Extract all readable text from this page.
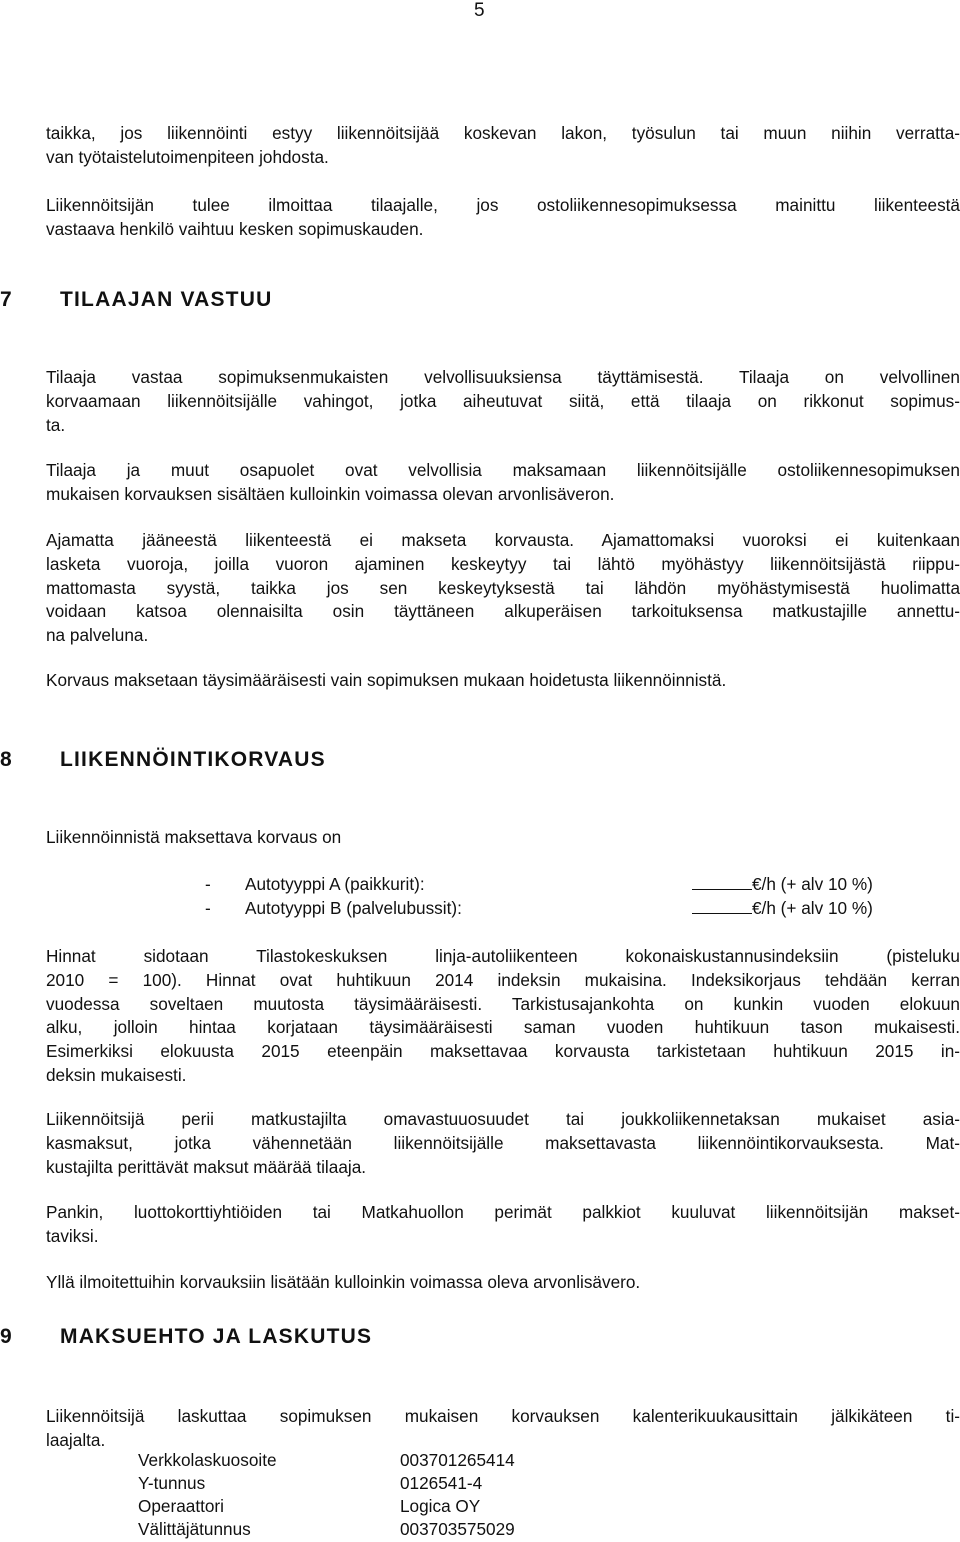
5
taikka, jos liikennöinti estyy liikennöitsijää koskevan lakon, työsulun tai muun niihin verratta-
van työtaistelutoimenpiteen johdosta.
Liikennöitsijän tulee ilmoittaa tilaajalle, jos ostoliikennesopimuksessa mainittu liikenteestä
vastaava henkilö vaihtuu kesken sopimuskauden.
7 TILAAJAN VASTUU
Tilaaja vastaa sopimuksenmukaisten velvollisuuksiensa täyttämisestä. Tilaaja on velvollinen
korvaamaan liikennöitsijälle vahingot, jotka aiheutuvat siitä, että tilaaja on rikkonut sopimus-
ta.
Tilaaja ja muut osapuolet ovat velvollisia maksamaan liikennöitsijälle ostoliikennesopimuksen
mukaisen korvauksen sisältäen kulloinkin voimassa olevan arvonlisäveron.
Ajamatta jääneestä liikenteestä ei makseta korvausta. Ajamattomaksi vuoroksi ei kuitenkaan
lasketa vuoroja, joilla vuoron ajaminen keskeytyy tai lähtö myöhästyy liikennöitsijästä riippu-
mattomasta syystä, taikka jos sen keskeytyksestä tai lähdön myöhästymisestä huolimatta
voidaan katsoa olennaisilta osin täyttäneen alkuperäisen tarkoituksensa matkustajille annettu-
na palveluna.
Korvaus maksetaan täysimääräisesti vain sopimuksen mukaan hoidetusta liikennöinnistä.
8 LIIKENNÖINTIKORVAUS
Liikennöinnistä maksettava korvaus on
- Autotyyppi A (paikkurit):	€/h (+ alv 10 %)
- Autotyyppi B (palvelubussit):	€/h (+ alv 10 %)
Hinnat sidotaan Tilastokeskuksen linja-autoliikenteen kokonaiskustannusindeksiin (pisteluku
2010 = 100). Hinnat ovat huhtikuun 2014 indeksin mukaisina. Indeksikorjaus tehdään kerran
vuodessa soveltaen muutosta täysimääräisesti. Tarkistusajankohta on kunkin vuoden elokuun
alku, jolloin hintaa korjataan täysimääräisesti saman vuoden huhtikuun tason mukaisesti.
Esimerkiksi elokuusta 2015 eteenpäin maksettavaa korvausta tarkistetaan huhtikuun 2015 in-
deksin mukaisesti.
Liikennöitsijä perii matkustajilta omavastuuosuudet tai joukkoliikennetaksan mukaiset asia-
kasmaksut, jotka vähennetään liikennöitsijälle maksettavasta liikennöintikorvauksesta. Mat-
kustajilta perittävät maksut määrää tilaaja.
Pankin, luottokorttiyhtiöiden tai Matkahuollon perimät palkkiot kuuluvat liikennöitsijän makset-
taviksi.
Yllä ilmoitettuihin korvauksiin lisätään kulloinkin voimassa oleva arvonlisävero.
9 MAKSUEHTO JA LASKUTUS
Liikennöitsijä laskuttaa sopimuksen mukaisen korvauksen kalenterikuukausittain jälkikäteen ti-
laajalta.
Verkkolaskuosoite	003701265414
Y-tunnus	0126541-4
Operaattori	Logica OY
Välittäjätunnus	003703575029
